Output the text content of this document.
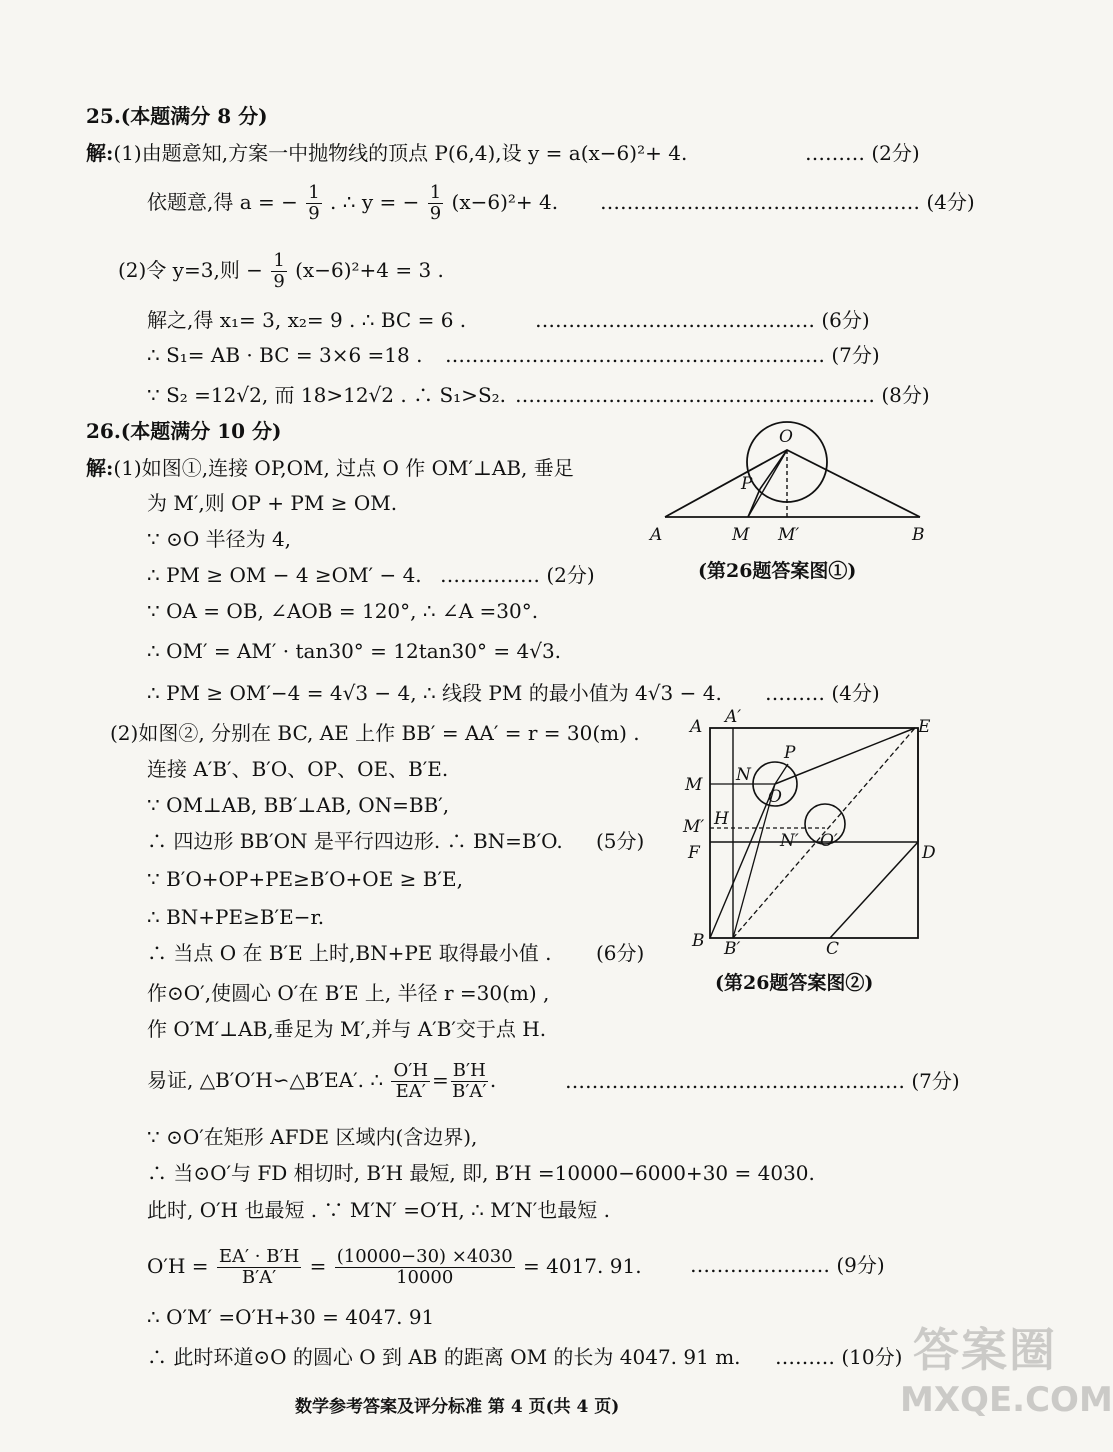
25.(本题满分 8 分)
解:(1)由题意知,方案一中抛物线的顶点 P(6,4),设 y = a(x−6)²+ 4.	……… (2分)
依题意,得 a = − $\frac{1}{9}$ . ∴ y = − $\frac{1}{9} (x-6)^2+ 4$. ………………………………………… (4分)
(2)令 y=3,则 − $\frac{1}{9} (x-6)^2+4 = 3$ .
解之,得 x₁= 3, x₂= 9 . ∴ BC = 6 .	…………………………………… (6分)
∴ S₁= AB · BC = 3×6 =18 . ………………………………………………… (7分)
∵ S₂ =12√2, 而 18>12√2 . ∴ S₁>S₂. ……………………………………………… (8分)
26.(本题满分 10 分)
解:(1)如图①,连接 OP,OM, 过点 O 作 OM′⊥AB, 垂足
为 M′,则 OP + PM ≥ OM.
∵ ⊙O 半径为 4,
∴ PM ≥ OM − 4 ≥OM′ − 4. …………… (2分)
∵ OA = OB, ∠AOB = 120°, ∴ ∠A =30°.
∴ OM′ = AM′ · tan30° = 12tan30° = 4√3.
∴ PM ≥ OM′−4 = 4√3 − 4, ∴ 线段 PM 的最小值为 4√3 − 4. ……… (4分)
(2)如图②, 分别在 BC, AE 上作 BB′ = AA′ = r = 30(m) .
连接 A′B′、B′O、OP、OE、B′E.
∵ OM⊥AB, BB′⊥AB, ON=BB′,
∴ 四边形 BB′ON 是平行四边形. ∴ BN=B′O. (5分)
∵ B′O+OP+PE≥B′O+OE ≥ B′E,
∴ BN+PE≥B′E−r.
∴ 当点 O 在 B′E 上时,BN+PE 取得最小值 . (6分)
作⊙O′,使圆心 O′在 B′E 上, 半径 r =30(m) ,
作 O′M′⊥AB,垂足为 M′,并与 A′B′交于点 H.
易证, △B′O′H∽△B′EA′. ∴ $\frac{O'H}{EA'} = \frac{B'H}{B'A'}$ .	…………………………………………… (7分)
∵ ⊙O′在矩形 AFDE 区域内(含边界),
∴ 当⊙O′与 FD 相切时, B′H 最短, 即, B′H =10000−6000+30 = 4030.
此时, O′H 也最短 . ∵ M′N′ =O′H, ∴ M′N′也最短 .
$O'H = \frac{EA' \cdot B'H}{B'A'} = \frac{(10000-30) \times 4030}{10000} = 4017$. 91. ………………… (9分)
∴ O′M′ =O′H+30 = 4047. 91
∴ 此时环道⊙O 的圆心 O 到 AB 的距离 OM 的长为 4047. 91 m. ……… (10分)
O
P
A	M M′	B
(第26题答案图①)
A A′	E
P
M N
O
M′ H
N′ O′
F	D
B B′	C
(第26题答案图②)
数学参考答案及评分标准 第 4 页(共 4 页)
答案圈
MXQE.COM
